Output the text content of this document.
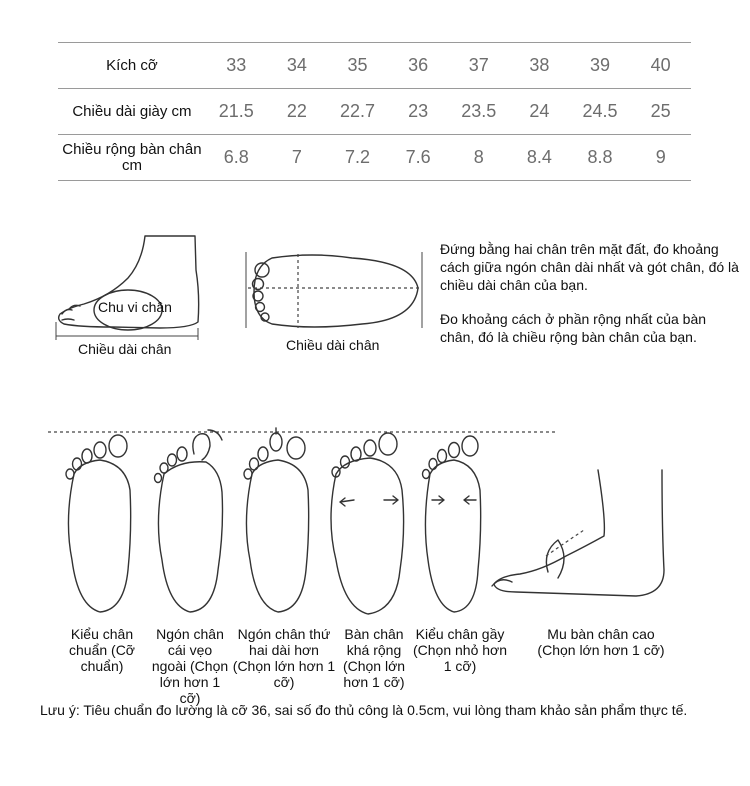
Kích cỡ	33	34	35	36	37	38	39	40
Chiều dài giày cm	21.5	22	22.7	23	23.5	24	24.5	25
Chiều rộng bàn chân cm	6.8	7	7.2	7.6	8	8.4	8.8	9
Chu vi chân
Chiều dài chân	Chiều dài chân

Đứng bằng hai chân trên mặt đất, đo khoảng cách giữa ngón chân dài nhất và gót chân, đó là chiều dài chân của bạn.

Đo khoảng cách ở phần rộng nhất của bàn chân, đó là chiều rộng bàn chân của bạn.

Kiểu chân chuẩn (Cỡ chuẩn)
Ngón chân cái vẹo ngoài (Chọn lớn hơn 1 cỡ)
Ngón chân thứ hai dài hơn (Chọn lớn hơn 1 cỡ)
Bàn chân khá rộng (Chọn lớn hơn 1 cỡ)
Kiểu chân gầy (Chọn nhỏ hơn 1 cỡ)
Mu bàn chân cao (Chọn lớn hơn 1 cỡ)
Lưu ý: Tiêu chuẩn đo lường là cỡ 36, sai số đo thủ công là 0.5cm, vui lòng tham khảo sản phẩm thực tế.
